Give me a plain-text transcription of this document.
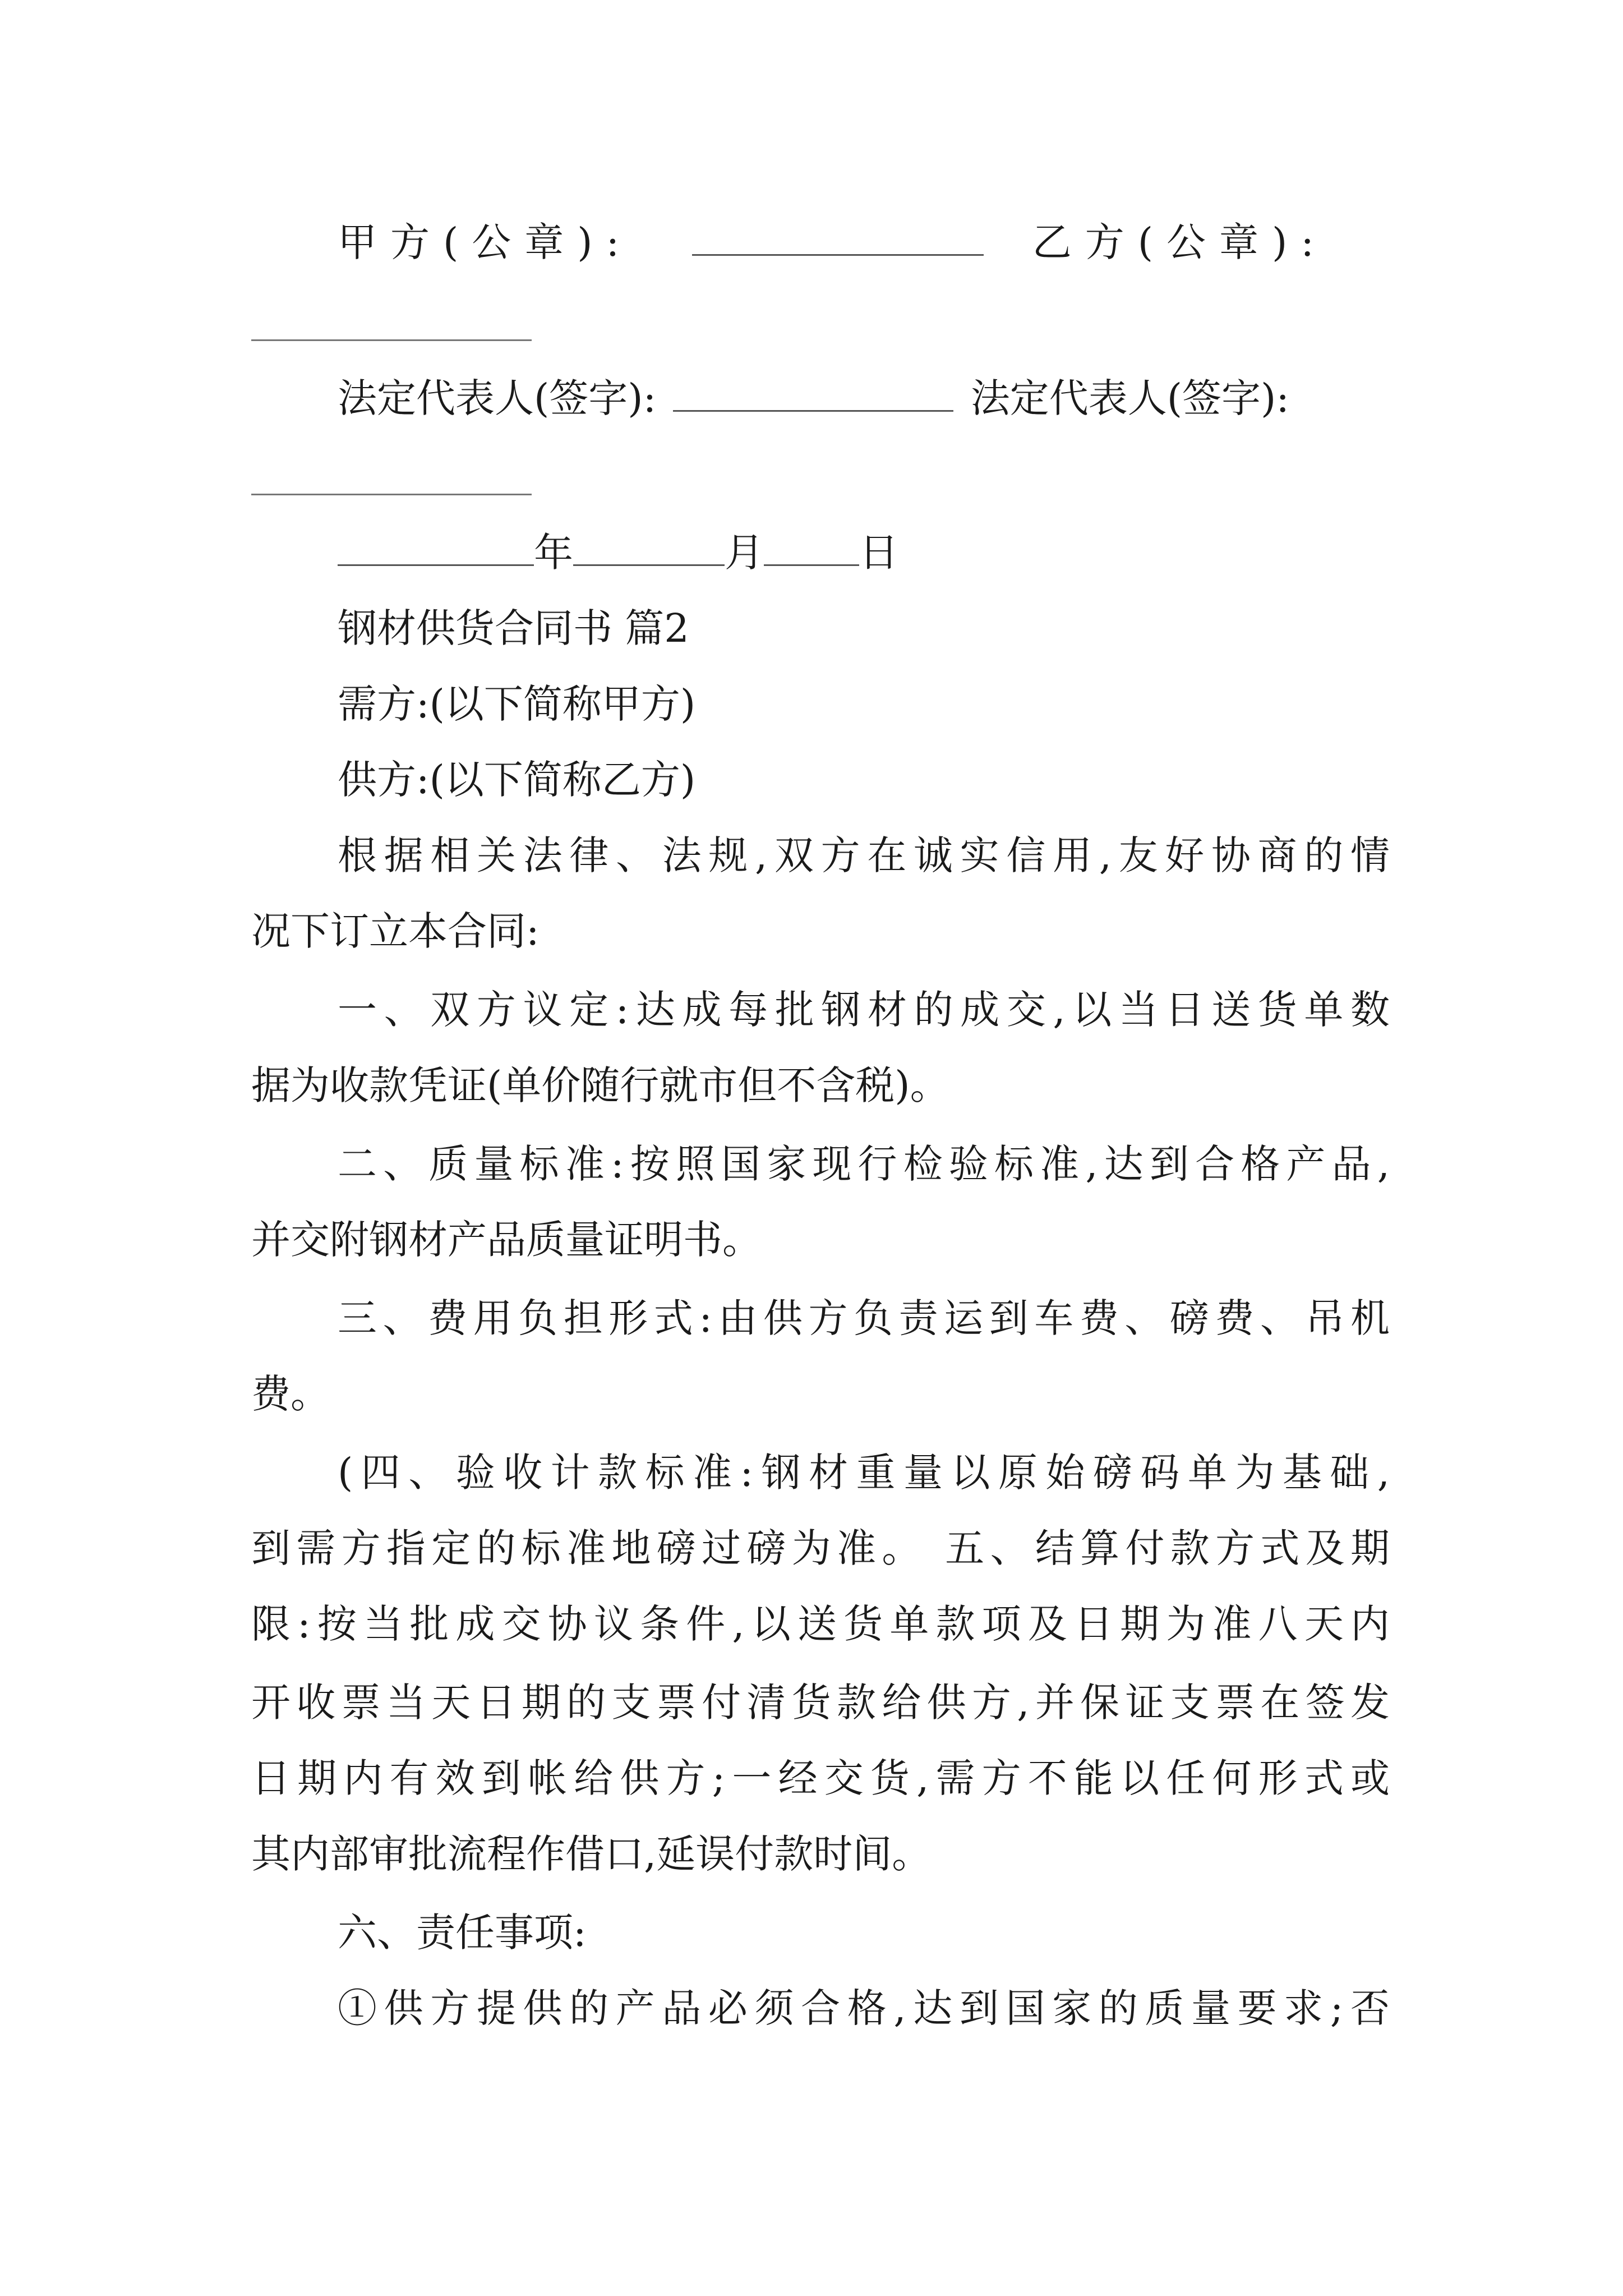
甲方(公章):	乙方(公章):
法定代表人(签字):	法定代表人(签字):
年	月 日
钢材供货合同书 篇2
需方:(以下简称甲方)
供方:(以下简称乙方)
根据相关法律、法规,双方在诚实信用,友好协商的情
况下订立本合同:
一、双方议定:达成每批钢材的成交,以当日送货单数
据为收款凭证(单价随行就市但不含税)。
二、质量标准:按照国家现行检验标准,达到合格产品,
并交附钢材产品质量证明书。
三、费用负担形式:由供方负责运到车费、磅费、吊机
费。
(四、验收计款标准:钢材重量以原始磅码单为基础,
到需方指定的标准地磅过磅为准。 五、结算付款方式及期
限:按当批成交协议条件,以送货单款项及日期为准八天内
开收票当天日期的支票付清货款给供方,并保证支票在签发
日期内有效到帐给供方;一经交货,需方不能以任何形式或
其内部审批流程作借口,延误付款时间。
六、责任事项:
①供方提供的产品必须合格,达到国家的质量要求;否
